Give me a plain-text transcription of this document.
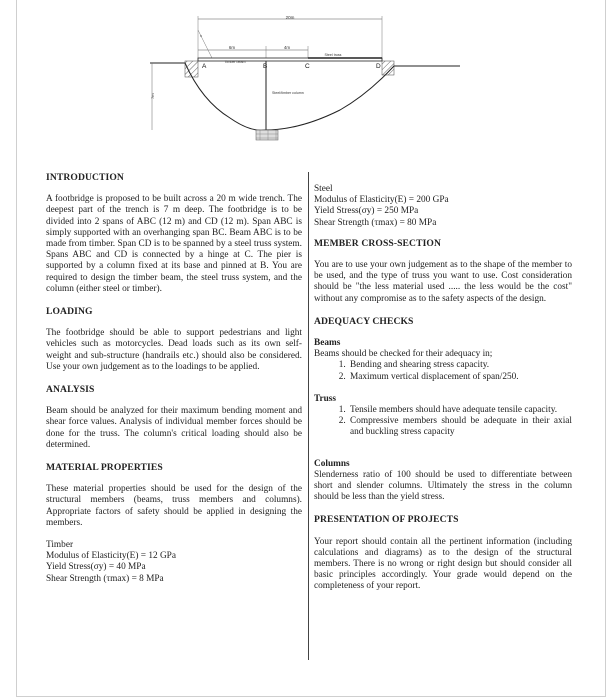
20m
6m	4m
x
Timber beam
Steel truss
A	B	C	D
Steel/timber column
7m
INTRODUCTION

A footbridge is proposed to be built across a 20 m wide trench. The deepest part of the trench is 7 m deep. The footbridge is to be divided into 2 spans of ABC (12 m) and CD (12 m). Span ABC is simply supported with an overhanging span BC. Beam ABC is to be made from timber. Span CD is to be spanned by a steel truss system. Spans ABC and CD is connected by a hinge at C. The pier is supported by a column fixed at its base and pinned at B. You are required to design the timber beam, the steel truss system, and the column (either steel or timber).

LOADING

The footbridge should be able to support pedestrians and light vehicles such as motorcycles. Dead loads such as its own self-weight and sub-structure (handrails etc.) should also be considered. Use your own judgement as to the loadings to be applied.

ANALYSIS

Beam should be analyzed for their maximum bending moment and shear force values. Analysis of individual member forces should be done for the truss. The column's critical loading should also be determined.

MATERIAL PROPERTIES

These material properties should be used for the design of the structural members (beams, truss members and columns). Appropriate factors of safety should be applied in designing the members.

Timber

Modulus of Elasticity(E) = 12 GPa

Yield Stress(σy) = 40 MPa

Shear Strength (τmax) = 8 MPa

Steel

Modulus of Elasticity(E) = 200 GPa

Yield Stress(σy) = 250 MPa

Shear Strength (τmax) = 80 MPa

MEMBER CROSS-SECTION

You are to use your own judgement as to the shape of the member to be used, and the type of truss you want to use. Cost consideration should be "the less material used ..... the less would be the cost" without any compromise as to the safety aspects of the design.

ADEQUACY CHECKS
Beams

Beams should be checked for their adequacy in;

1. Bending and shearing stress capacity.
2. Maximum vertical displacement of span/250.
Truss
1. Tensile members should have adequate tensile capacity.
2. Compressive members should be adequate in their axial and buckling stress capacity
Columns

Slenderness ratio of 100 should be used to differentiate between short and slender columns. Ultimately the stress in the column should be less than the yield stress.

PRESENTATION OF PROJECTS

Your report should contain all the pertinent information (including calculations and diagrams) as to the design of the structural members. There is no wrong or right design but should consider all basic principles accordingly. Your grade would depend on the completeness of your report.
